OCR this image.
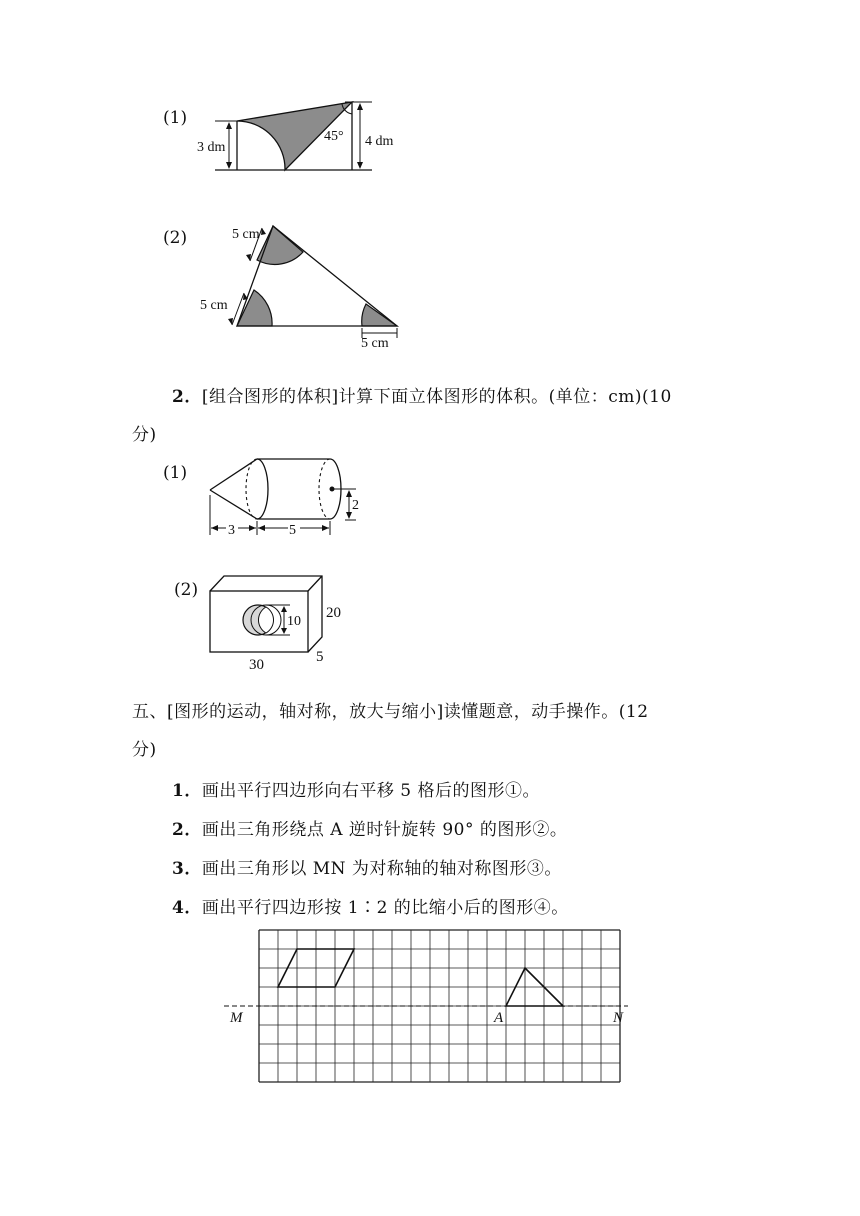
(1)
3 dm
45° 4 dm
(2)	5 cm
5 cm
5 cm
2．[组合图形的体积]计算下面立体图形的体积。(单位：cm)(10
分)
(1)
3	5
2
(2)
10
20
30	5
五、[图形的运动，轴对称，放大与缩小]读懂题意，动手操作。(12
分)
1．画出平行四边形向右平移 5 格后的图形①。
2．画出三角形绕点 A 逆时针旋转 90° 的图形②。
3．画出三角形以 MN 为对称轴的轴对称图形③。
4．画出平行四边形按 1∶2 的比缩小后的图形④。
M	A	N
